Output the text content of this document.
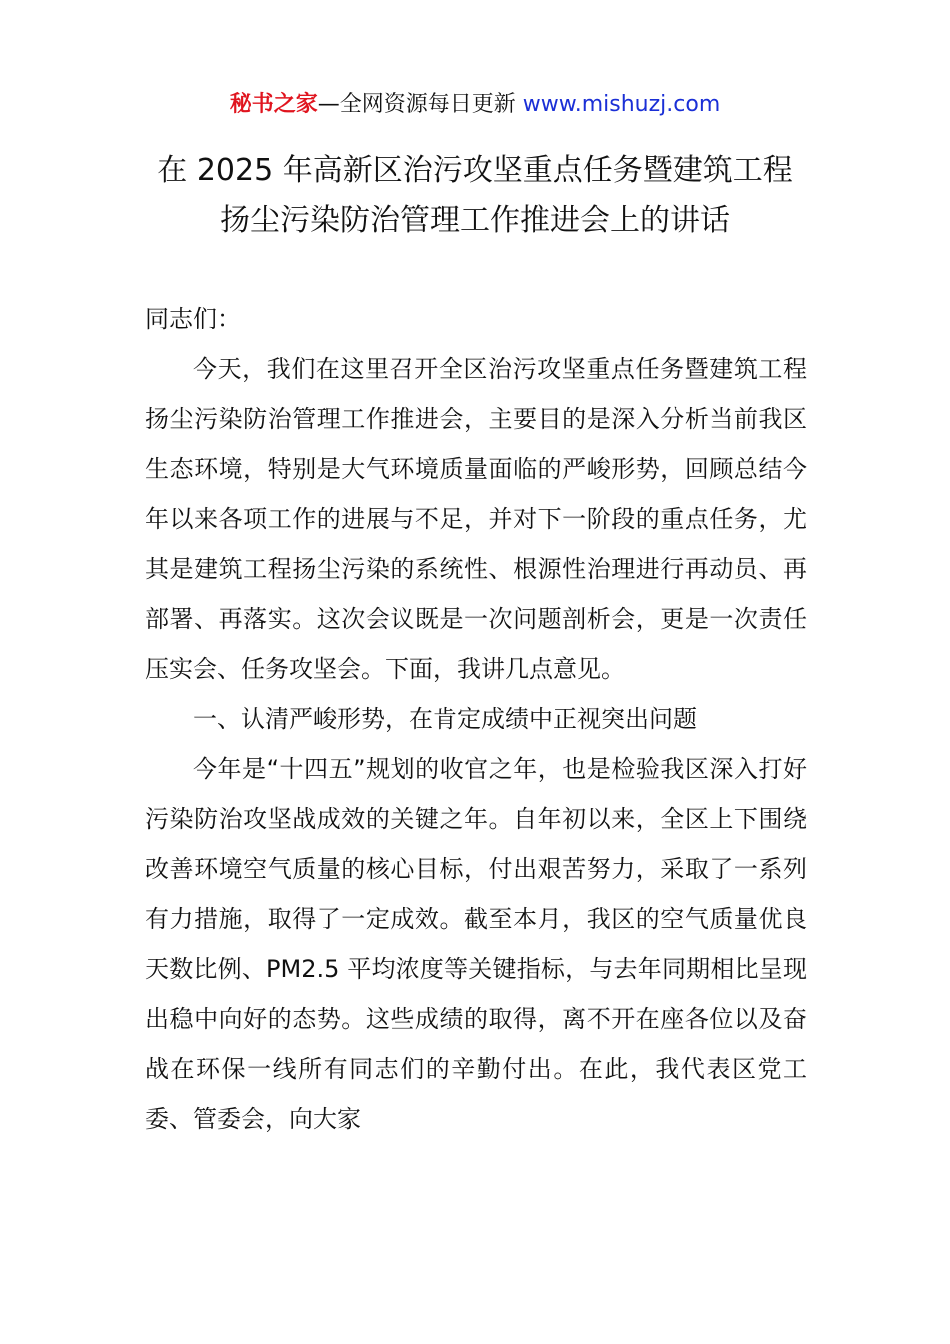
秘书之家—全网资源每日更新 www.mishuzj.com
在 2025 年高新区治污攻坚重点任务暨建筑工程
扬尘污染防治管理工作推进会上的讲话

同志们：

今天，我们在这里召开全区治污攻坚重点任务暨建筑工程扬尘污染防治管理工作推进会，主要目的是深入分析当前我区生态环境，特别是大气环境质量面临的严峻形势，回顾总结今年以来各项工作的进展与不足，并对下一阶段的重点任务，尤其是建筑工程扬尘污染的系统性、根源性治理进行再动员、再部署、再落实。这次会议既是一次问题剖析会，更是一次责任压实会、任务攻坚会。下面，我讲几点意见。

一、认清严峻形势，在肯定成绩中正视突出问题

今年是“十四五”规划的收官之年，也是检验我区深入打好污染防治攻坚战成效的关键之年。自年初以来，全区上下围绕改善环境空气质量的核心目标，付出艰苦努力，采取了一系列有力措施，取得了一定成效。截至本月，我区的空气质量优良天数比例、PM2.5 平均浓度等关键指标，与去年同期相比呈现出稳中向好的态势。这些成绩的取得，离不开在座各位以及奋战在环保一线所有同志们的辛勤付出。在此，我代表区党工委、管委会，向大家
